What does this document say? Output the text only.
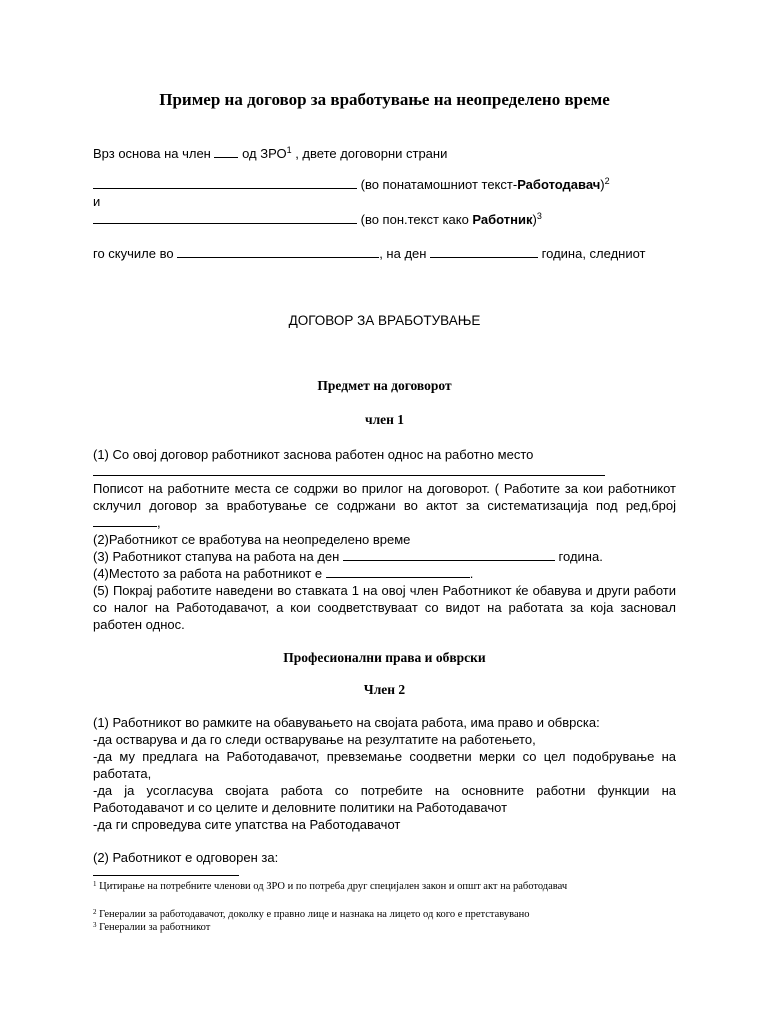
Пример на договор за вработување на неопределено време
Врз основа на член  од ЗРО$^1$ , двете договорни страни
(во понатамошниот текст-Работодавач)$^2$
и
(во пон.текст како Работник)$^3$
го скучиле во	, на ден	година, следниот
ДОГОВОР ЗА ВРАБОТУВАЊЕ
Предмет на договорот
член 1

(1) Со овој договор работникот заснова работен однос на работно место

Пописот на работните места се содржи во прилог на договорот. ( Работите за кои работникот склучил договор за вработување се содржани во актот за систематизација под ред,број ,

(2)Работникот се вработува на неопределено време

(3) Работникот стапува на работа на ден	година.

(4)Местото за работа на работникот е	.

(5) Покрај работите наведени во ставката 1 на овој член Работникот ќе обавува и други работи со налог на Работодавачот, а кои соодветствуваат со видот на работата за која засновал работен однос.

Професионални права и обврски
Член 2

(1) Работникот во рамките на обавувањето на својата работа, има право и обврска:

-да остварува и да го следи остварување на резултатите на работењето,

-да му предлага на Работодавачот, превземање соодветни мерки со цел подобрување на работата,

-да ја усогласува својата работа со потребите на основните работни функции на Работодавачот и со целите и деловните политики на Работодавачот

-да ги спроведува сите упатства на Работодавачот

(2) Работникот е одговорен за:
$^1$ Цитирање на потребните членови од ЗРО и по потреба друг специјален закон и општ акт на работодавач
$^2$ Генералии за работодавачот, доколку е правно лице и назнака на лицето од кого е претставувано
$^3$ Генералии за работникот
